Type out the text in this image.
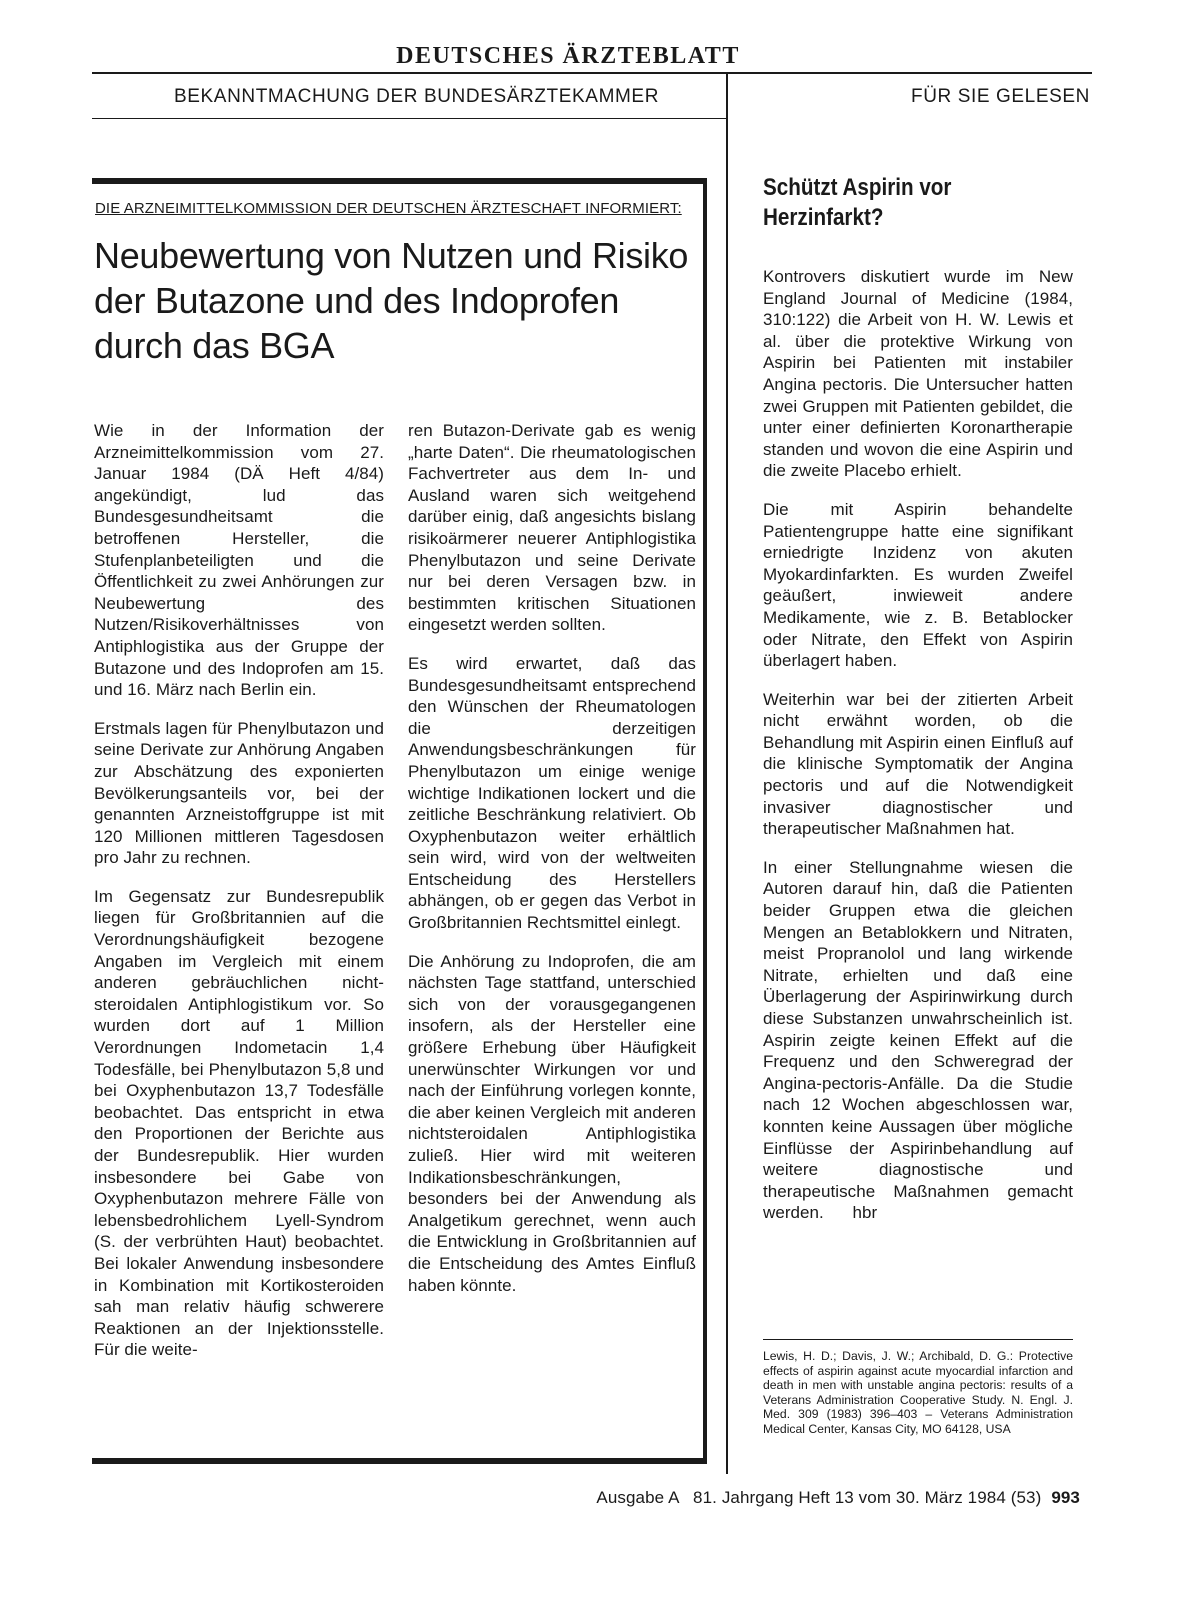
DEUTSCHES ÄRZTEBLATT
BEKANNTMACHUNG DER BUNDESÄRZTEKAMMER	FÜR SIE GELESEN
DIE ARZNEIMITTELKOMMISSION DER DEUTSCHEN ÄRZTESCHAFT INFORMIERT:
Neubewertung von Nutzen und Risiko der Butazone und des Indoprofen durch das BGA

Wie in der Information der Arzneimittelkommission vom 27. Januar 1984 (DÄ Heft 4/84) angekündigt, lud das Bundesgesundheitsamt die betroffenen Hersteller, die Stufenplanbeteiligten und die Öffentlichkeit zu zwei Anhörungen zur Neubewertung des Nutzen/Risikoverhältnisses von Antiphlogistika aus der Gruppe der Butazone und des Indoprofen am 15. und 16. März nach Berlin ein.

Erstmals lagen für Phenylbutazon und seine Derivate zur Anhörung Angaben zur Abschätzung des exponierten Bevölkerungsanteils vor, bei der genannten Arzneistoffgruppe ist mit 120 Millionen mittleren Tagesdosen pro Jahr zu rechnen.

Im Gegensatz zur Bundesrepublik liegen für Großbritannien auf die Verordnungshäufigkeit bezogene Angaben im Vergleich mit einem anderen gebräuchlichen nicht-steroidalen Antiphlogistikum vor. So wurden dort auf 1 Million Verordnungen Indometacin 1,4 Todesfälle, bei Phenylbutazon 5,8 und bei Oxyphenbutazon 13,7 Todesfälle beobachtet. Das entspricht in etwa den Proportionen der Berichte aus der Bundesrepublik. Hier wurden insbesondere bei Gabe von Oxyphenbutazon mehrere Fälle von lebensbedrohlichem Lyell-Syndrom (S. der verbrühten Haut) beobachtet. Bei lokaler Anwendung insbesondere in Kombination mit Kortikosteroiden sah man relativ häufig schwerere Reaktionen an der Injektionsstelle. Für die weite-

ren Butazon-Derivate gab es wenig „harte Daten“. Die rheumatologischen Fachvertreter aus dem In- und Ausland waren sich weitgehend darüber einig, daß angesichts bislang risikoärmerer neuerer Antiphlogistika Phenylbutazon und seine Derivate nur bei deren Versagen bzw. in bestimmten kritischen Situationen eingesetzt werden sollten.

Es wird erwartet, daß das Bundesgesundheitsamt entsprechend den Wünschen der Rheumatologen die derzeitigen Anwendungsbeschränkungen für Phenylbutazon um einige wenige wichtige Indikationen lockert und die zeitliche Beschränkung relativiert. Ob Oxyphenbutazon weiter erhältlich sein wird, wird von der weltweiten Entscheidung des Herstellers abhängen, ob er gegen das Verbot in Großbritannien Rechtsmittel einlegt.

Die Anhörung zu Indoprofen, die am nächsten Tage stattfand, unterschied sich von der vorausgegangenen insofern, als der Hersteller eine größere Erhebung über Häufigkeit unerwünschter Wirkungen vor und nach der Einführung vorlegen konnte, die aber keinen Vergleich mit anderen nichtsteroidalen Antiphlogistika zuließ. Hier wird mit weiteren Indikationsbeschränkungen, besonders bei der Anwendung als Analgetikum gerechnet, wenn auch die Entwicklung in Großbritannien auf die Entscheidung des Amtes Einfluß haben könnte.

Schützt Aspirin vor Herzinfarkt?

Kontrovers diskutiert wurde im New England Journal of Medicine (1984, 310:122) die Arbeit von H. W. Lewis et al. über die protektive Wirkung von Aspirin bei Patienten mit instabiler Angina pectoris. Die Untersucher hatten zwei Gruppen mit Patienten gebildet, die unter einer definierten Koronartherapie standen und wovon die eine Aspirin und die zweite Placebo erhielt.

Die mit Aspirin behandelte Patientengruppe hatte eine signifikant erniedrigte Inzidenz von akuten Myokardinfarkten. Es wurden Zweifel geäußert, inwieweit andere Medikamente, wie z. B. Betablocker oder Nitrate, den Effekt von Aspirin überlagert haben.

Weiterhin war bei der zitierten Arbeit nicht erwähnt worden, ob die Behandlung mit Aspirin einen Einfluß auf die klinische Symptomatik der Angina pectoris und auf die Notwendigkeit invasiver diagnostischer und therapeutischer Maßnahmen hat.

In einer Stellungnahme wiesen die Autoren darauf hin, daß die Patienten beider Gruppen etwa die gleichen Mengen an Betablokkern und Nitraten, meist Propranolol und lang wirkende Nitrate, erhielten und daß eine Überlagerung der Aspirinwirkung durch diese Substanzen unwahrscheinlich ist. Aspirin zeigte keinen Effekt auf die Frequenz und den Schweregrad der Angina-pectoris-Anfälle. Da die Studie nach 12 Wochen abgeschlossen war, konnten keine Aussagen über mögliche Einflüsse der Aspirinbehandlung auf weitere diagnostische und therapeutische Maßnahmen gemacht werden.      hbr

Lewis, H. D.; Davis, J. W.; Archibald, D. G.: Protective effects of aspirin against acute myocardial infarction and death in men with unstable angina pectoris: results of a Veterans Administration Cooperative Study. N. Engl. J. Med. 309 (1983) 396–403 – Veterans Administration Medical Center, Kansas City, MO 64128, USA
Ausgabe A   81. Jahrgang Heft 13 vom 30. März 1984 (53) 993
